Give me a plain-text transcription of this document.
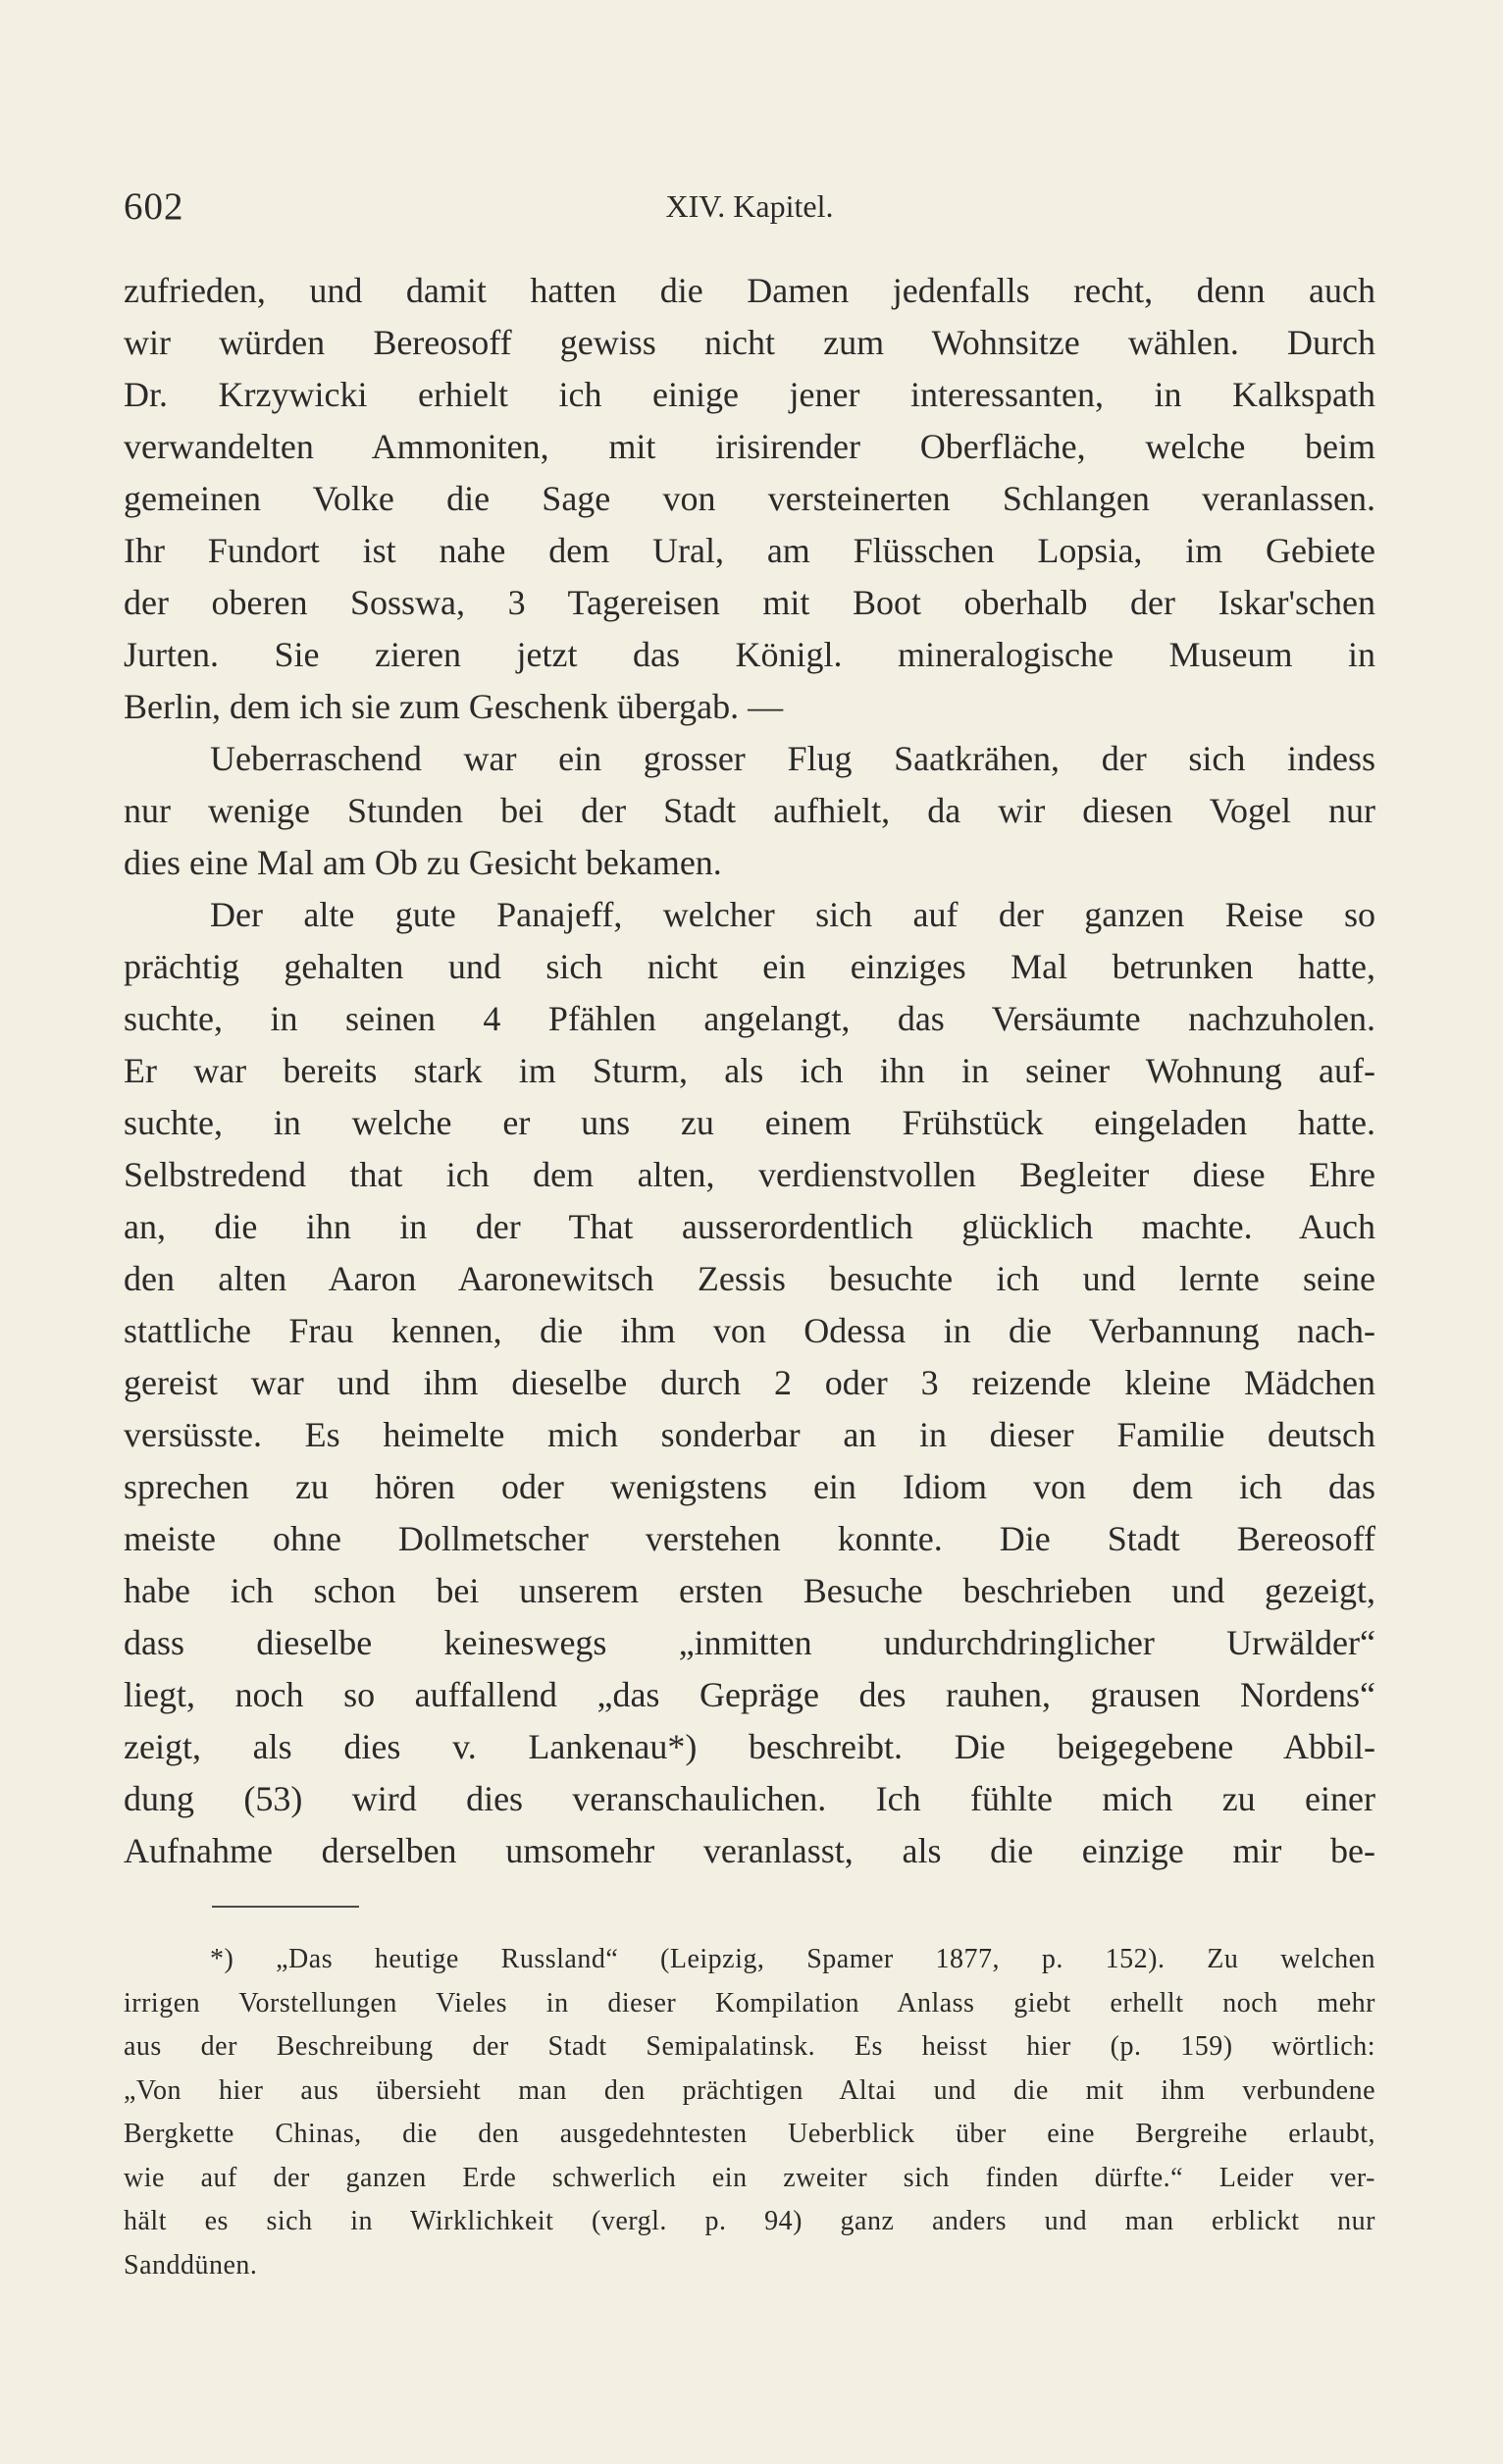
602	XIV. Kapitel.
zufrieden, und damit hatten die Damen jedenfalls recht, denn auch
wir würden Bereosoff gewiss nicht zum Wohnsitze wählen. Durch
Dr. Krzywicki erhielt ich einige jener interessanten, in Kalkspath
verwandelten Ammoniten, mit irisirender Oberfläche, welche beim
gemeinen Volke die Sage von versteinerten Schlangen veranlassen.
Ihr Fundort ist nahe dem Ural, am Flüsschen Lopsia, im Gebiete
der oberen Sosswa, 3 Tagereisen mit Boot oberhalb der Iskar'schen
Jurten. Sie zieren jetzt das Königl. mineralogische Museum in
Berlin, dem ich sie zum Geschenk übergab. —
Ueberraschend war ein grosser Flug Saatkrähen, der sich indess
nur wenige Stunden bei der Stadt aufhielt, da wir diesen Vogel nur
dies eine Mal am Ob zu Gesicht bekamen.
Der alte gute Panajeff, welcher sich auf der ganzen Reise so
prächtig gehalten und sich nicht ein einziges Mal betrunken hatte,
suchte, in seinen 4 Pfählen angelangt, das Versäumte nachzuholen.
Er war bereits stark im Sturm, als ich ihn in seiner Wohnung auf-
suchte, in welche er uns zu einem Frühstück eingeladen hatte.
Selbstredend that ich dem alten, verdienstvollen Begleiter diese Ehre
an, die ihn in der That ausserordentlich glücklich machte. Auch
den alten Aaron Aaronewitsch Zessis besuchte ich und lernte seine
stattliche Frau kennen, die ihm von Odessa in die Verbannung nach-
gereist war und ihm dieselbe durch 2 oder 3 reizende kleine Mädchen
versüsste. Es heimelte mich sonderbar an in dieser Familie deutsch
sprechen zu hören oder wenigstens ein Idiom von dem ich das
meiste ohne Dollmetscher verstehen konnte. Die Stadt Bereosoff
habe ich schon bei unserem ersten Besuche beschrieben und gezeigt,
dass dieselbe keineswegs „inmitten undurchdringlicher Urwälder“
liegt, noch so auffallend „das Gepräge des rauhen, grausen Nordens“
zeigt, als dies v. Lankenau*) beschreibt. Die beigegebene Abbil-
dung (53) wird dies veranschaulichen. Ich fühlte mich zu einer
Aufnahme derselben umsomehr veranlasst, als die einzige mir be-
*) „Das heutige Russland“ (Leipzig, Spamer 1877, p. 152). Zu welchen
irrigen Vorstellungen Vieles in dieser Kompilation Anlass giebt erhellt noch mehr
aus der Beschreibung der Stadt Semipalatinsk. Es heisst hier (p. 159) wörtlich:
„Von hier aus übersieht man den prächtigen Altai und die mit ihm verbundene
Bergkette Chinas, die den ausgedehntesten Ueberblick über eine Bergreihe erlaubt,
wie auf der ganzen Erde schwerlich ein zweiter sich finden dürfte.“ Leider ver-
hält es sich in Wirklichkeit (vergl. p. 94) ganz anders und man erblickt nur
Sanddünen.
